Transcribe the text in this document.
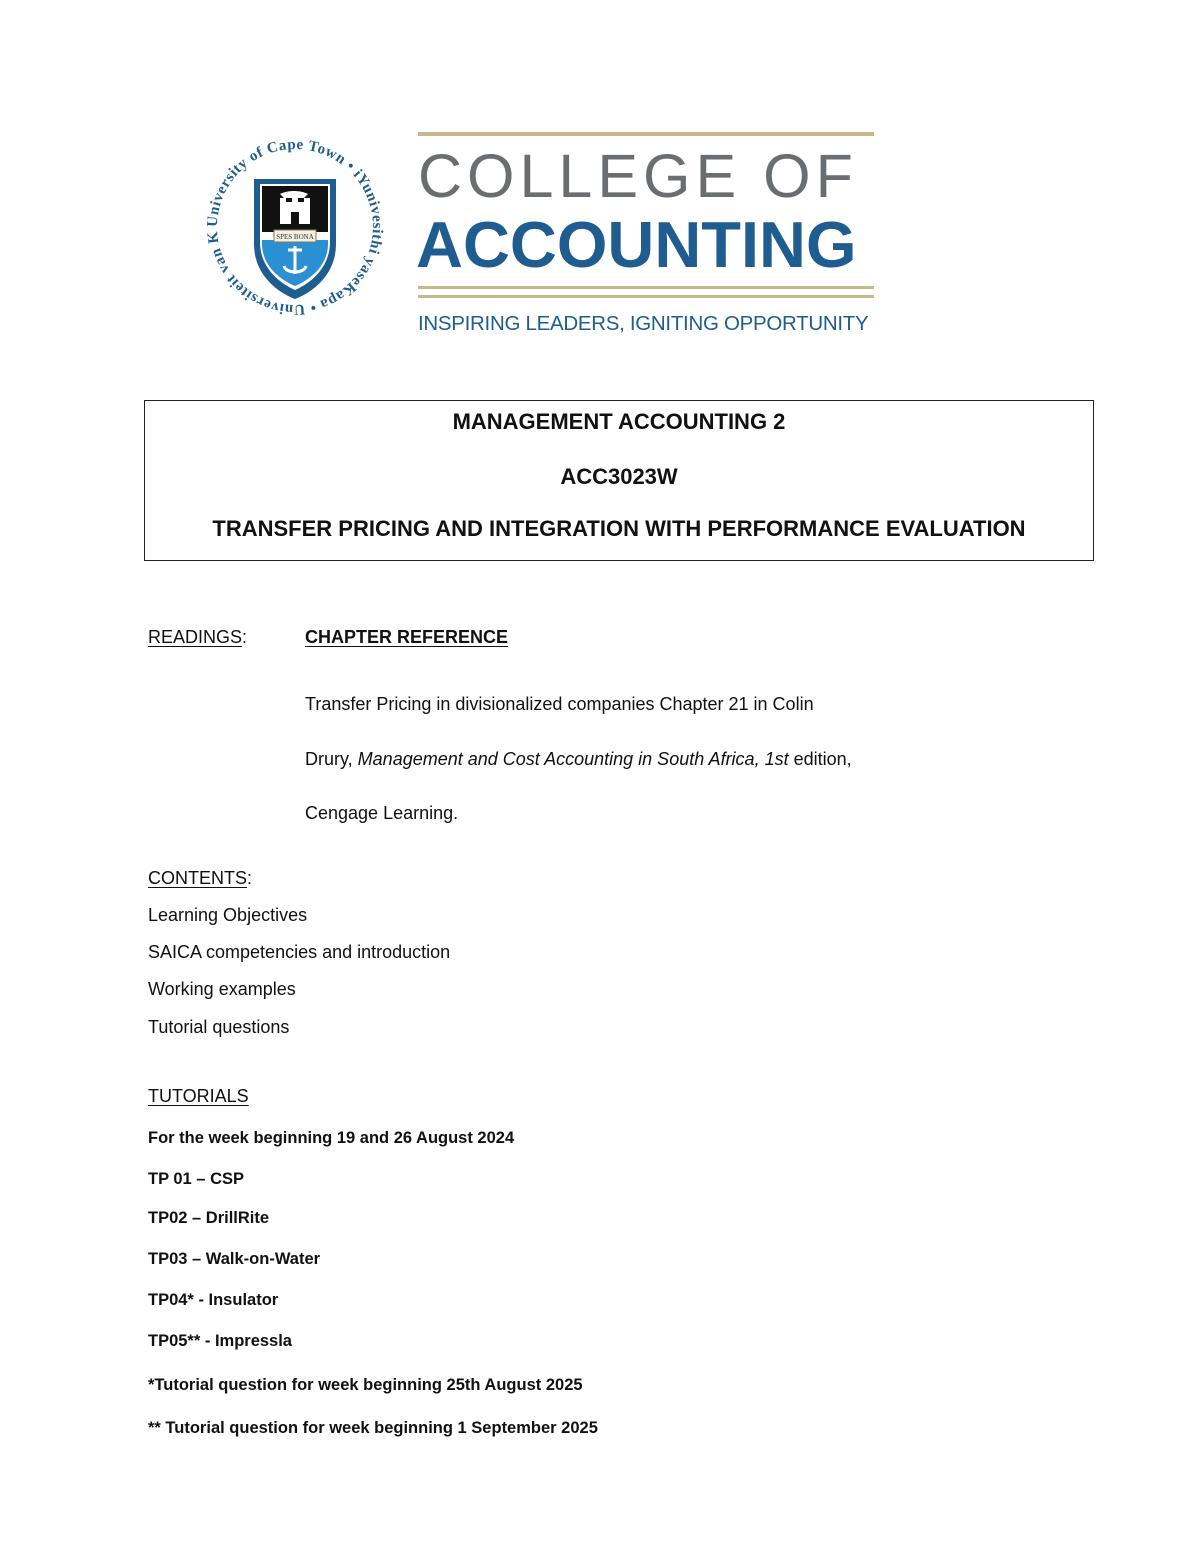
University of Cape Town • iYunivesithi yaseKapa • Universiteit van K	SPES BONA
COLLEGE OF
ACCOUNTING
INSPIRING LEADERS, IGNITING OPPORTUNITY
MANAGEMENT ACCOUNTING 2
ACC3023W
TRANSFER PRICING AND INTEGRATION WITH PERFORMANCE EVALUATION
READINGS:	CHAPTER REFERENCE
Transfer Pricing in divisionalized companies Chapter 21 in Colin
Drury, Management and Cost Accounting in South Africa, 1st edition,
Cengage Learning.
CONTENTS:
Learning Objectives
SAICA competencies and introduction
Working examples
Tutorial questions
TUTORIALS
For the week beginning 19 and 26 August 2024
TP 01 – CSP
TP02 – DrillRite
TP03 – Walk-on-Water
TP04* - Insulator
TP05** - Impressla
*Tutorial question for week beginning 25th August 2025
** Tutorial question for week beginning 1 September 2025
